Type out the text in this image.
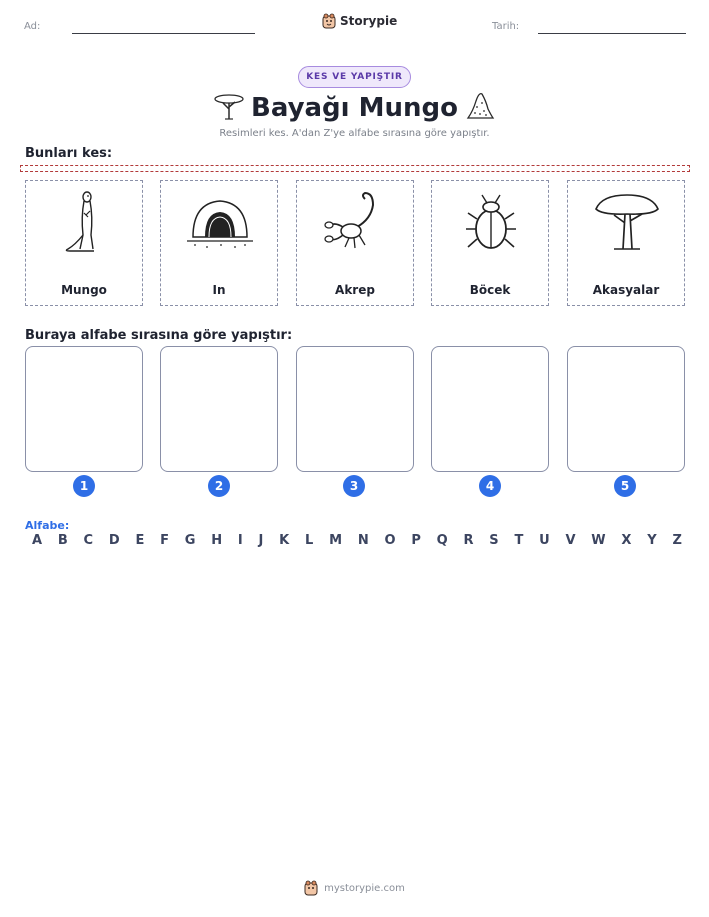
Ad:	Storypie	Tarih:
KES VE YAPIŞTIR
Bayağı Mungo
Resimleri kes. A'dan Z'ye alfabe sırasına göre yapıştır.
Bunları kes:
Mungo	In	Akrep	Böcek	Akasyalar
Buraya alfabe sırasına göre yapıştır:
1	2	3	4	5
Alfabe:
A B C D E F G H I J K L M N O P Q R S T U V W X Y Z
mystorypie.com
